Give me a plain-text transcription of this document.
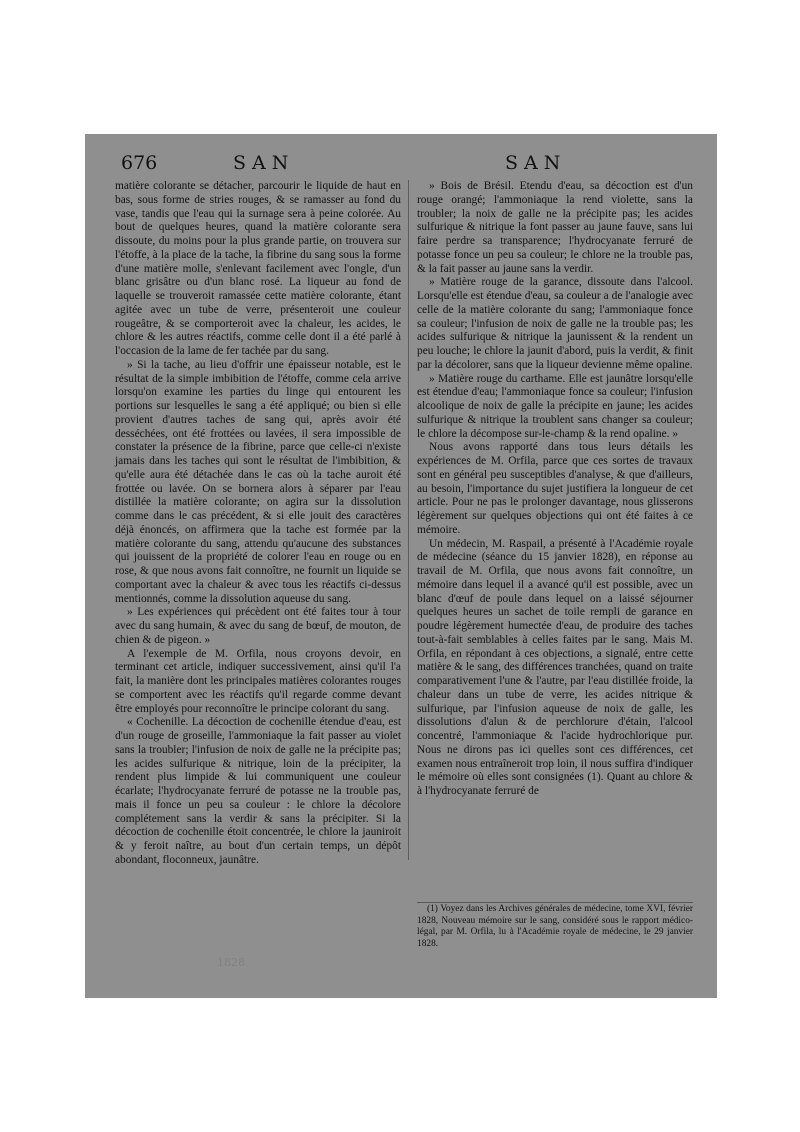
676	SAN	SAN

matière colorante se détacher, parcourir le liquide de haut en bas, sous forme de stries rouges, & se ramasser au fond du vase, tandis que l'eau qui la surnage sera à peine colorée. Au bout de quelques heures, quand la matière colorante sera dissoute, du moins pour la plus grande partie, on trouvera sur l'étoffe, à la place de la tache, la fibrine du sang sous la forme d'une matière molle, s'enlevant facilement avec l'ongle, d'un blanc grisâtre ou d'un blanc rosé. La liqueur au fond de laquelle se trouveroit ramassée cette matière colorante, étant agitée avec un tube de verre, présenteroit une couleur rougeâtre, & se comporteroit avec la chaleur, les acides, le chlore & les autres réactifs, comme celle dont il a été parlé à l'occasion de la lame de fer tachée par du sang.

» Si la tache, au lieu d'offrir une épaisseur notable, est le résultat de la simple imbibition de l'étoffe, comme cela arrive lorsqu'on examine les parties du linge qui entourent les portions sur lesquelles le sang a été appliqué; ou bien si elle provient d'autres taches de sang qui, après avoir été desséchées, ont été frottées ou lavées, il sera impossible de constater la présence de la fibrine, parce que celle-ci n'existe jamais dans les taches qui sont le résultat de l'imbibition, & qu'elle aura été détachée dans le cas où la tache auroit été frottée ou lavée. On se bornera alors à séparer par l'eau distillée la matière colorante; on agira sur la dissolution comme dans le cas précédent, & si elle jouit des caractères déjà énoncés, on affirmera que la tache est formée par la matière colorante du sang, attendu qu'aucune des substances qui jouissent de la propriété de colorer l'eau en rouge ou en rose, & que nous avons fait connoître, ne fournit un liquide se comportant avec la chaleur & avec tous les réactifs ci-dessus mentionnés, comme la dissolution aqueuse du sang.

» Les expériences qui précèdent ont été faites tour à tour avec du sang humain, & avec du sang de bœuf, de mouton, de chien & de pigeon. »

A l'exemple de M. Orfila, nous croyons devoir, en terminant cet article, indiquer successivement, ainsi qu'il l'a fait, la manière dont les principales matières colorantes rouges se comportent avec les réactifs qu'il regarde comme devant être employés pour reconnoître le principe colorant du sang.

« Cochenille. La décoction de cochenille étendue d'eau, est d'un rouge de groseille, l'ammoniaque la fait passer au violet sans la troubler; l'infusion de noix de galle ne la précipite pas; les acides sulfurique & nitrique, loin de la précipiter, la rendent plus limpide & lui communiquent une couleur écarlate; l'hydrocyanate ferruré de potasse ne la trouble pas, mais il fonce un peu sa couleur : le chlore la décolore complétement sans la verdir & sans la précipiter. Si la décoction de cochenille étoit concentrée, le chlore la jauniroit & y feroit naître, au bout d'un certain temps, un dépôt abondant, floconneux, jaunâtre.

» Bois de Brésil. Etendu d'eau, sa décoction est d'un rouge orangé; l'ammoniaque la rend violette, sans la troubler; la noix de galle ne la précipite pas; les acides sulfurique & nitrique la font passer au jaune fauve, sans lui faire perdre sa transparence; l'hydrocyanate ferruré de potasse fonce un peu sa couleur; le chlore ne la trouble pas, & la fait passer au jaune sans la verdir.

» Matière rouge de la garance, dissoute dans l'alcool. Lorsqu'elle est étendue d'eau, sa couleur a de l'analogie avec celle de la matière colorante du sang; l'ammoniaque fonce sa couleur; l'infusion de noix de galle ne la trouble pas; les acides sulfurique & nitrique la jaunissent & la rendent un peu louche; le chlore la jaunit d'abord, puis la verdit, & finit par la décolorer, sans que la liqueur devienne même opaline.

» Matière rouge du carthame. Elle est jaunâtre lorsqu'elle est étendue d'eau; l'ammoniaque fonce sa couleur; l'infusion alcoolique de noix de galle la précipite en jaune; les acides sulfurique & nitrique la troublent sans changer sa couleur; le chlore la décompose sur-le-champ & la rend opaline. »

Nous avons rapporté dans tous leurs détails les expériences de M. Orfila, parce que ces sortes de travaux sont en général peu susceptibles d'analyse, & que d'ailleurs, au besoin, l'importance du sujet justifiera la longueur de cet article. Pour ne pas le prolonger davantage, nous glisserons légèrement sur quelques objections qui ont été faites à ce mémoire.

Un médecin, M. Raspail, a présenté à l'Académie royale de médecine (séance du 15 janvier 1828), en réponse au travail de M. Orfila, que nous avons fait connoître, un mémoire dans lequel il a avancé qu'il est possible, avec un blanc d'œuf de poule dans lequel on a laissé séjourner quelques heures un sachet de toile rempli de garance en poudre légèrement humectée d'eau, de produire des taches tout-à-fait semblables à celles faites par le sang. Mais M. Orfila, en répondant à ces objections, a signalé, entre cette matière & le sang, des différences tranchées, quand on traite comparativement l'une & l'autre, par l'eau distillée froide, la chaleur dans un tube de verre, les acides nitrique & sulfurique, par l'infusion aqueuse de noix de galle, les dissolutions d'alun & de perchlorure d'étain, l'alcool concentré, l'ammoniaque & l'acide hydrochlorique pur. Nous ne dirons pas ici quelles sont ces différences, cet examen nous entraîneroit trop loin, il nous suffira d'indiquer le mémoire où elles sont consignées (1). Quant au chlore & à l'hydrocyanate ferruré de

(1) Voyez dans les Archives générales de médecine, tome XVI, février 1828, Nouveau mémoire sur le sang, considéré sous le rapport médico-légal, par M. Orfila, lu à l'Académie royale de médecine, le 29 janvier 1828.

1828
